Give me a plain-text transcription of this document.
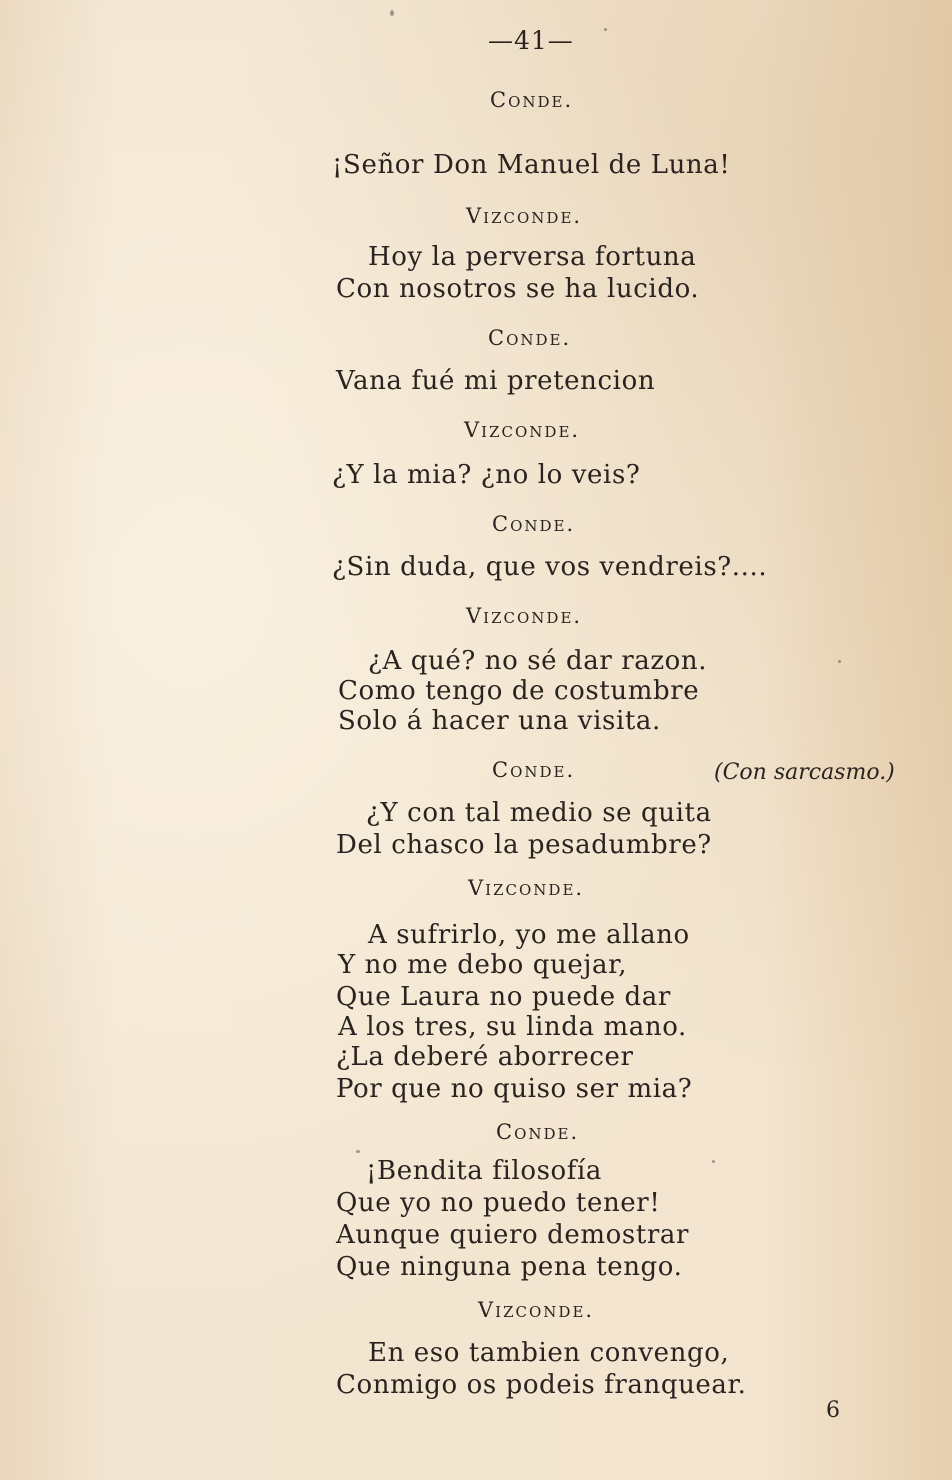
—41—
Conde.
¡Señor Don Manuel de Luna!
Vizconde.
Hoy la perversa fortuna
Con nosotros se ha lucido.
Conde.
Vana fué mi pretencion
Vizconde.
¿Y la mia? ¿no lo veis?
Conde.
¿Sin duda, que vos vendreis?....
Vizconde.
¿A qué? no sé dar razon.
Como tengo de costumbre
Solo á hacer una visita.
Conde.	(Con sarcasmo.)
¿Y con tal medio se quita
Del chasco la pesadumbre?
Vizconde.
A sufrirlo, yo me allano
Y no me debo quejar,
Que Laura no puede dar
A los tres, su linda mano.
¿La deberé aborrecer
Por que no quiso ser mia?
Conde.
¡Bendita filosofía
Que yo no puedo tener!
Aunque quiero demostrar
Que ninguna pena tengo.
Vizconde.
En eso tambien convengo,
Conmigo os podeis franquear.
6
